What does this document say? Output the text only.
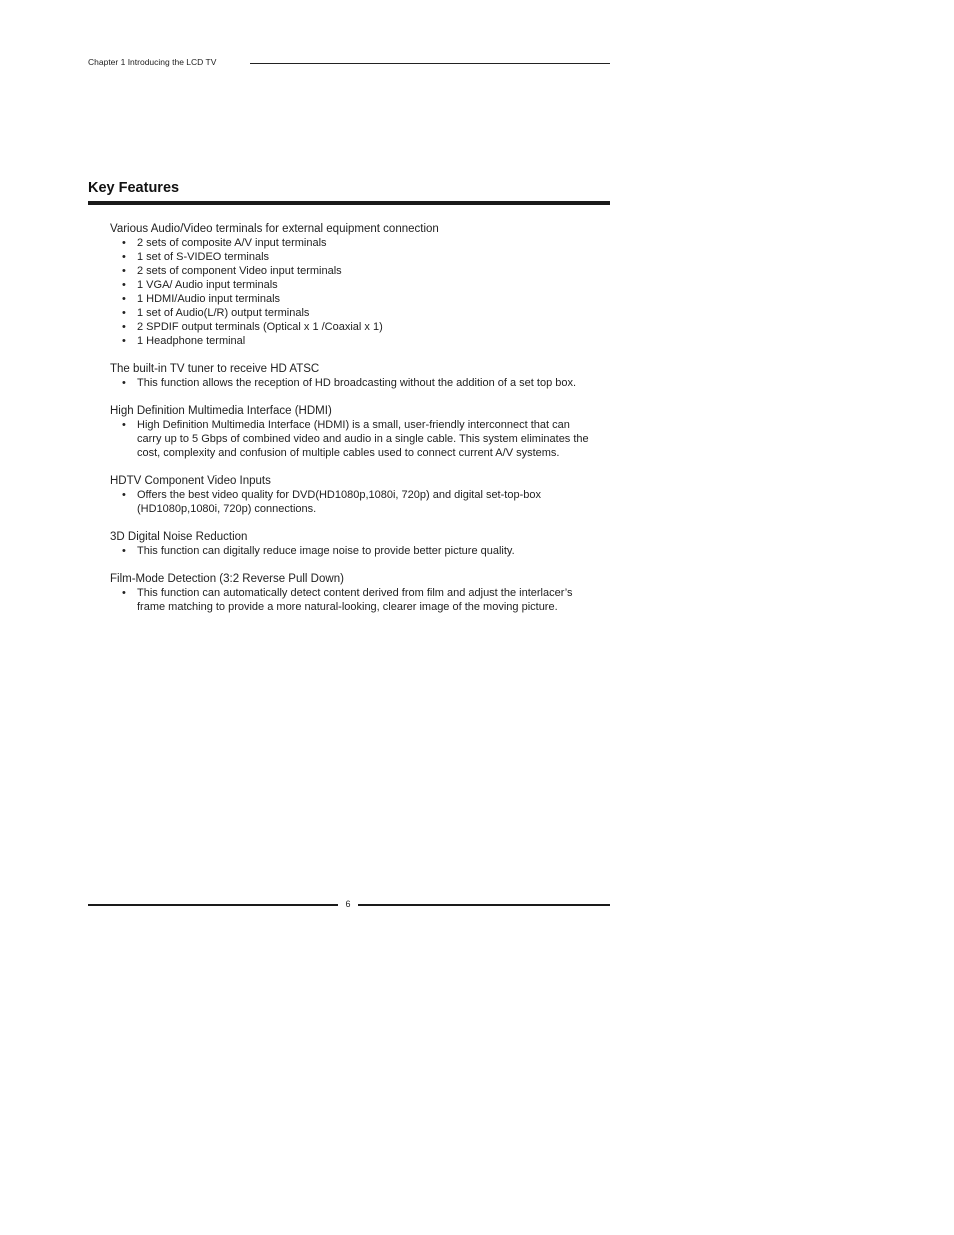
Chapter 1 Introducing the LCD TV
Key Features

Various Audio/Video terminals for external equipment connection

• 2 sets of composite A/V input terminals
• 1 set of S-VIDEO terminals
• 2 sets of component Video input terminals
• 1 VGA/ Audio input terminals
• 1 HDMI/Audio input terminals
• 1 set of Audio(L/R) output terminals
• 2 SPDIF output terminals (Optical x 1 /Coaxial x 1)
• 1 Headphone terminal

The built-in TV tuner to receive HD ATSC

• This function allows the reception of HD broadcasting without the addition of a set top box.

High Definition Multimedia Interface (HDMI)

• High Definition Multimedia Interface (HDMI) is a small, user-friendly interconnect that can carry up to 5 Gbps of combined video and audio in a single cable. This system eliminates the cost, complexity and confusion of multiple cables used to connect current A/V systems.

HDTV Component Video Inputs

• Offers the best video quality for DVD(HD1080p,1080i, 720p) and digital set-top-box (HD1080p,1080i, 720p) connections.

3D Digital Noise Reduction

• This function can digitally reduce image noise to provide better picture quality.

Film-Mode Detection (3:2 Reverse Pull Down)

• This function can automatically detect content derived from film and adjust the interlacer’s frame matching to provide a more natural-looking, clearer image of the moving picture.
6
